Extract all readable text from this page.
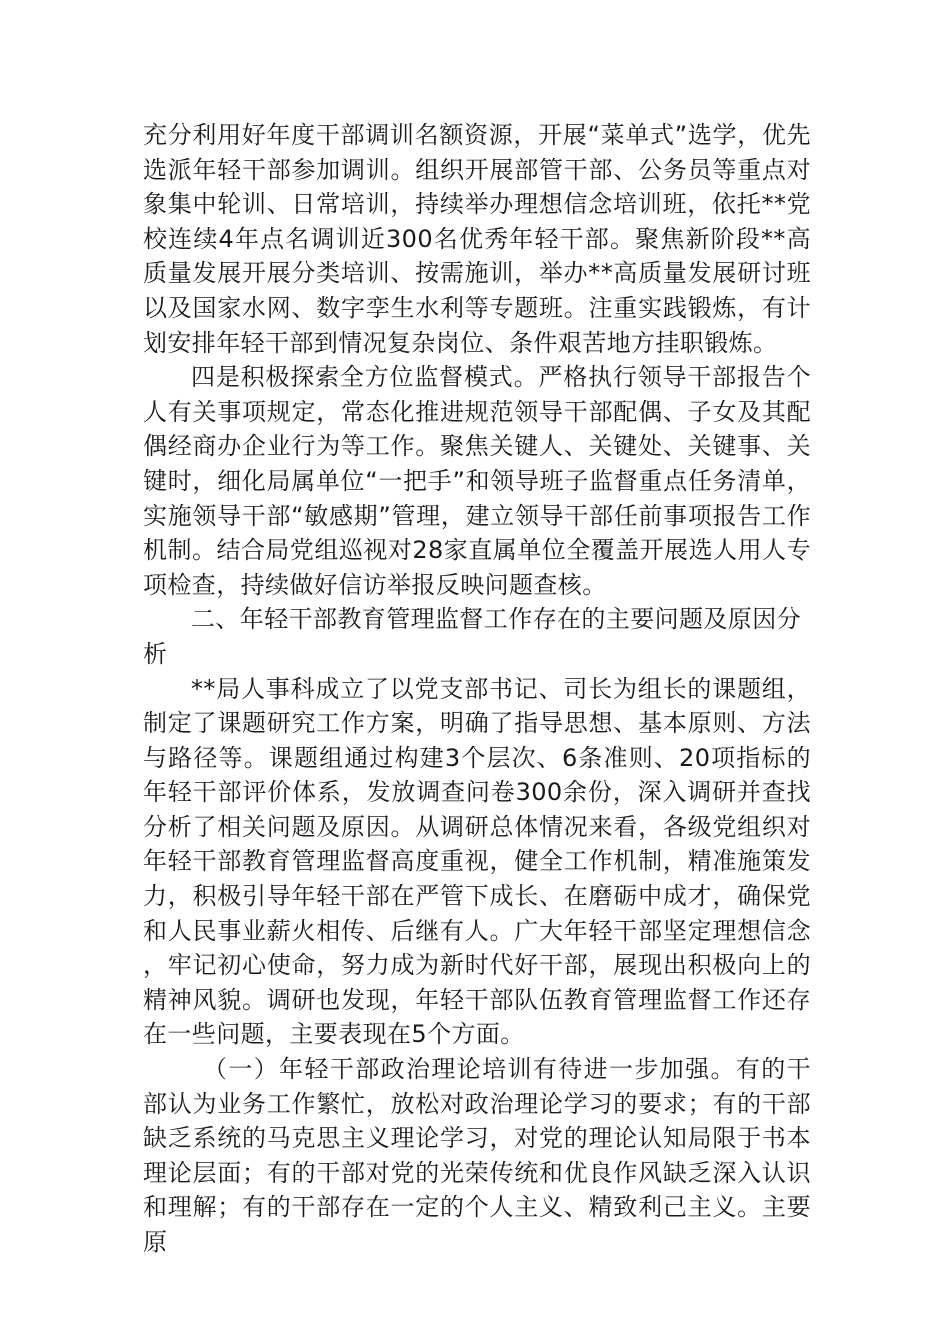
充分利用好年度干部调训名额资源，开展“菜单式”选学，优先选派年轻干部参加调训。组织开展部管干部、公务员等重点对象集中轮训、日常培训，持续举办理想信念培训班，依托**党校连续4年点名调训近300名优秀年轻干部。聚焦新阶段**高质量发展开展分类培训、按需施训，举办**高质量发展研讨班以及国家水网、数字孪生水利等专题班。注重实践锻炼，有计划安排年轻干部到情况复杂岗位、条件艰苦地方挂职锻炼。

四是积极探索全方位监督模式。严格执行领导干部报告个人有关事项规定，常态化推进规范领导干部配偶、子女及其配偶经商办企业行为等工作。聚焦关键人、关键处、关键事、关键时，细化局属单位“一把手”和领导班子监督重点任务清单，实施领导干部“敏感期”管理，建立领导干部任前事项报告工作机制。结合局党组巡视对28家直属单位全覆盖开展选人用人专项检查，持续做好信访举报反映问题查核。

二、年轻干部教育管理监督工作存在的主要问题及原因分析

**局人事科成立了以党支部书记、司长为组长的课题组，制定了课题研究工作方案，明确了指导思想、基本原则、方法与路径等。课题组通过构建3个层次、6条准则、20项指标的年轻干部评价体系，发放调查问卷300余份，深入调研并查找分析了相关问题及原因。从调研总体情况来看，各级党组织对年轻干部教育管理监督高度重视，健全工作机制，精准施策发力，积极引导年轻干部在严管下成长、在磨砺中成才，确保党和人民事业薪火相传、后继有人。广大年轻干部坚定理想信念，牢记初心使命，努力成为新时代好干部，展现出积极向上的精神风貌。调研也发现，年轻干部队伍教育管理监督工作还存在一些问题，主要表现在5个方面。

（一）年轻干部政治理论培训有待进一步加强。有的干部认为业务工作繁忙，放松对政治理论学习的要求；有的干部缺乏系统的马克思主义理论学习，对党的理论认知局限于书本理论层面；有的干部对党的光荣传统和优良作风缺乏深入认识和理解；有的干部存在一定的个人主义、精致利己主义。主要原
